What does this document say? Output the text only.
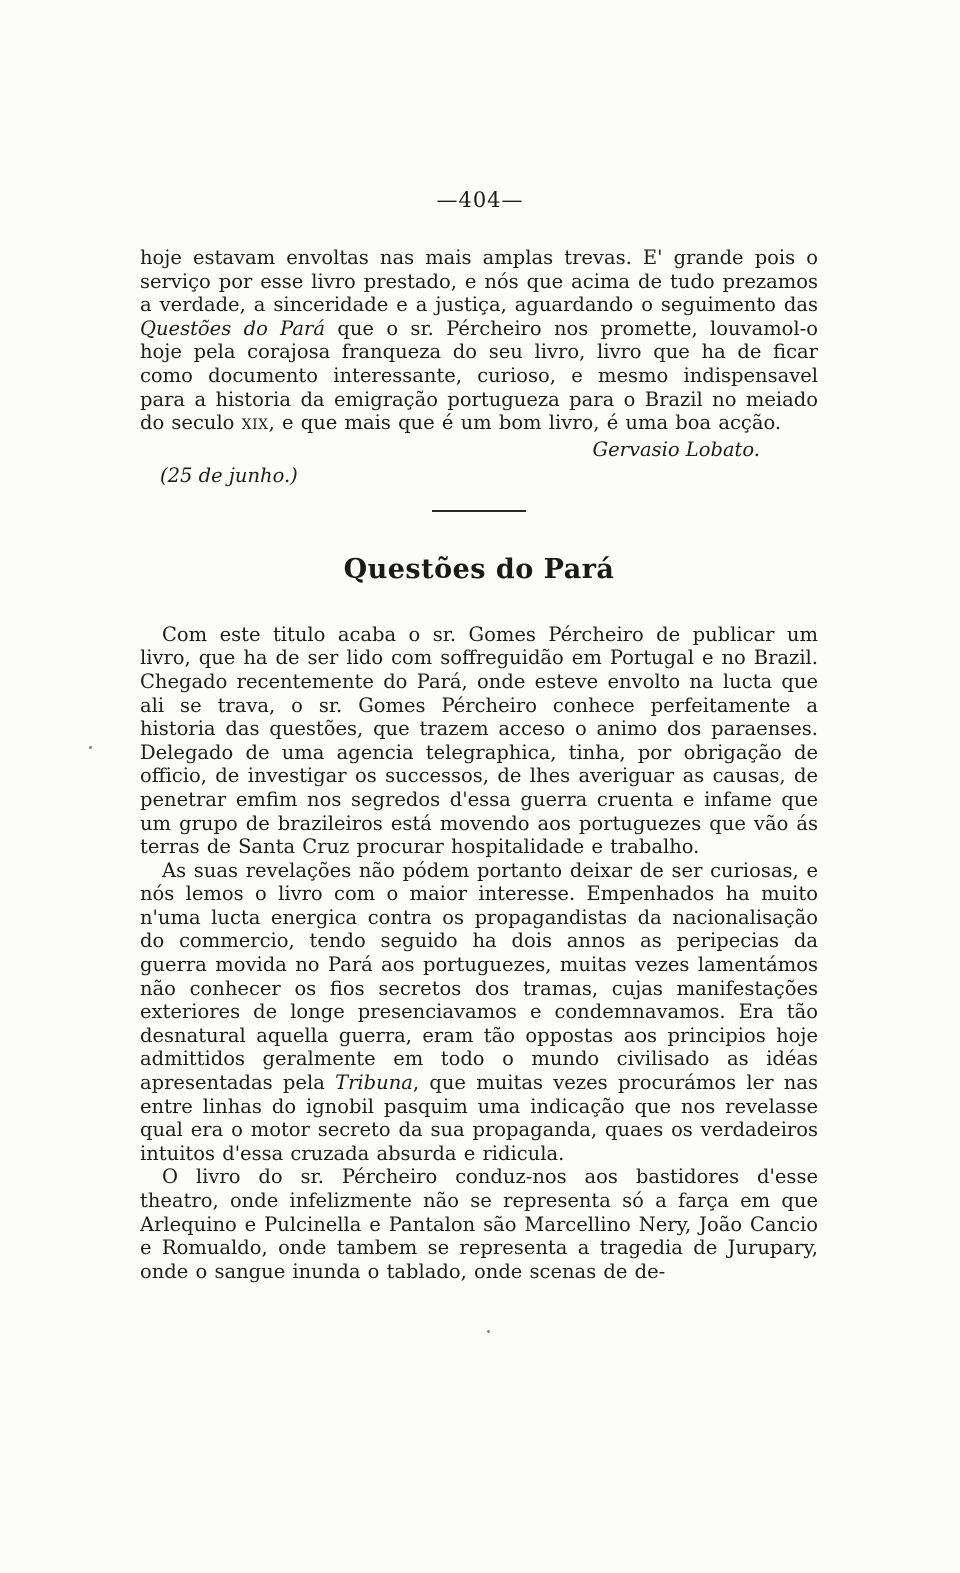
—404—

hoje estavam envoltas nas mais amplas trevas. E' grande pois o serviço por esse livro prestado, e nós que acima de tudo prezamos a verdade, a sinceridade e a justiça, aguardando o seguimento das Questões do Pará que o sr. Pércheiro nos promette, louvamol-o hoje pela corajosa franqueza do seu livro, livro que ha de ficar como documento interessante, curioso, e mesmo indispensavel para a historia da emigração portugueza para o Brazil no meiado do seculo xix, e que mais que é um bom livro, é uma boa acção.

Gervasio Lobato.

(25 de junho.)

Questões do Pará

Com este titulo acaba o sr. Gomes Pércheiro de publicar um livro, que ha de ser lido com soffreguidão em Portugal e no Brazil. Chegado recentemente do Pará, onde esteve envolto na lucta que ali se trava, o sr. Gomes Pércheiro conhece perfeitamente a historia das questões, que trazem acceso o animo dos paraenses. Delegado de uma agencia telegraphica, tinha, por obrigação de officio, de investigar os successos, de lhes averiguar as causas, de penetrar emfim nos segredos d'essa guerra cruenta e infame que um grupo de brazileiros está movendo aos portuguezes que vão ás terras de Santa Cruz procurar hospitalidade e trabalho.

As suas revelações não pódem portanto deixar de ser curiosas, e nós lemos o livro com o maior interesse. Empenhados ha muito n'uma lucta energica contra os propagandistas da nacionalisação do commercio, tendo seguido ha dois annos as peripecias da guerra movida no Pará aos portuguezes, muitas vezes lamentámos não conhecer os fios secretos dos tramas, cujas manifestações exteriores de longe presenciavamos e condemnavamos. Era tão desnatural aquella guerra, eram tão oppostas aos principios hoje admittidos geralmente em todo o mundo civilisado as idéas apresentadas pela Tribuna, que muitas vezes procurámos ler nas entre linhas do ignobil pasquim uma indicação que nos revelasse qual era o motor secreto da sua propaganda, quaes os verdadeiros intuitos d'essa cruzada absurda e ridicula.

O livro do sr. Pércheiro conduz-nos aos bastidores d'esse theatro, onde infelizmente não se representa só a farça em que Arlequino e Pulcinella e Pantalon são Marcellino Nery, João Cancio e Romualdo, onde tambem se representa a tragedia de Jurupary, onde o sangue inunda o tablado, onde scenas de de-
